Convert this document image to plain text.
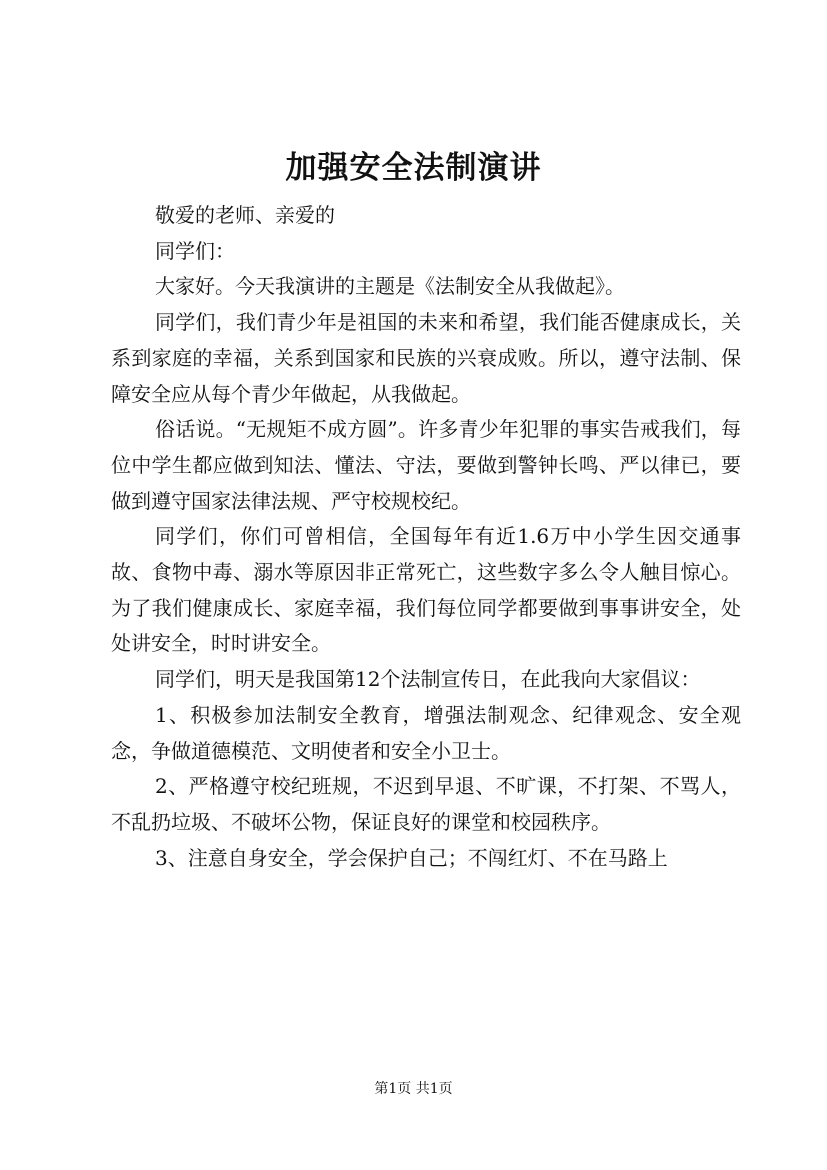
加强安全法制演讲

敬爱的老师、亲爱的

同学们：

大家好。今天我演讲的主题是《法制安全从我做起》。

同学们，我们青少年是祖国的未来和希望，我们能否健康成长，关系到家庭的幸福，关系到国家和民族的兴衰成败。所以，遵守法制、保障安全应从每个青少年做起，从我做起。

俗话说。“无规矩不成方圆”。许多青少年犯罪的事实告戒我们，每位中学生都应做到知法、懂法、守法，要做到警钟长鸣、严以律已，要做到遵守国家法律法规、严守校规校纪。

同学们，你们可曾相信，全国每年有近1.6万中小学生因交通事故、食物中毒、溺水等原因非正常死亡，这些数字多么令人触目惊心。为了我们健康成长、家庭幸福，我们每位同学都要做到事事讲安全，处处讲安全，时时讲安全。

同学们，明天是我国第12个法制宣传日，在此我向大家倡议：

1、积极参加法制安全教育，增强法制观念、纪律观念、安全观念，争做道德模范、文明使者和安全小卫士。

2、严格遵守校纪班规，不迟到早退、不旷课，不打架、不骂人，不乱扔垃圾、不破坏公物，保证良好的课堂和校园秩序。

3、注意自身安全，学会保护自己；不闯红灯、不在马路上

第1页 共1页
